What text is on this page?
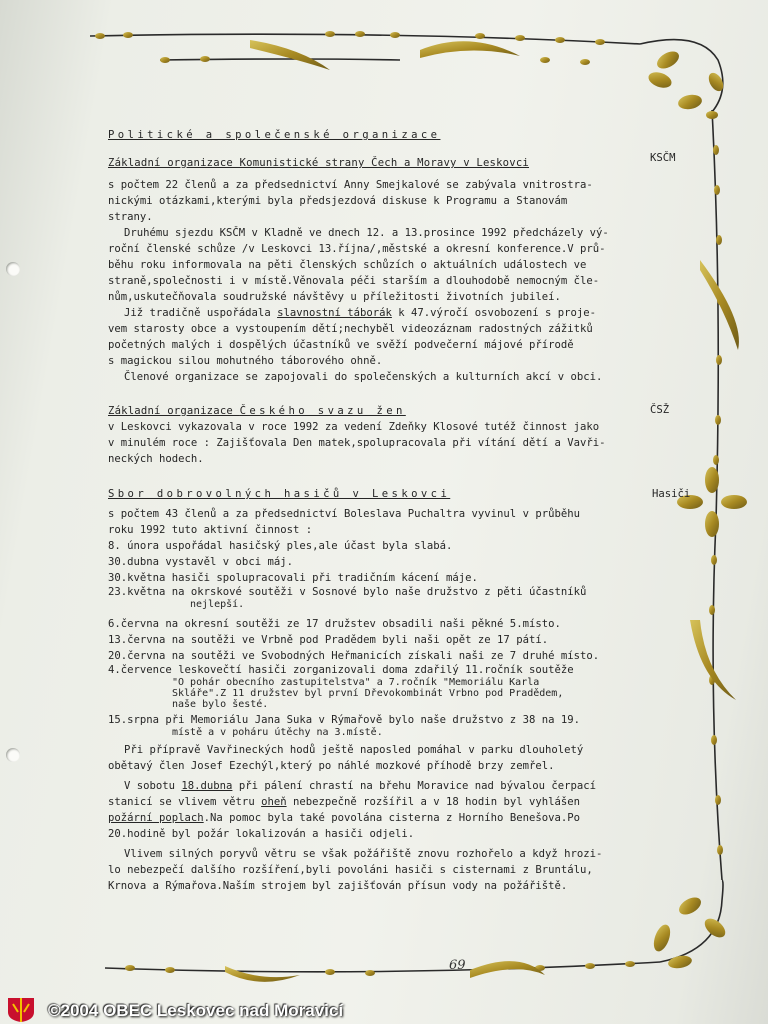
Politické a společenské organizace
KSČM
Základní organizace Komunistické strany Čech a Moravy v Leskovci
s počtem 22 členů a za předsednictví Anny Smejkalové se zabývala vnitrostra-
nickými otázkami,kterými byla předsjezdová diskuse k Programu a Stanovám
strany.
Druhému sjezdu KSČM v Kladně ve dnech 12. a 13.prosince 1992 předcházely vý-
roční členské schůze /v Leskovci 13.října/,městské a okresní konference.V prů-
běhu roku informovala na pěti členských schůzích o aktuálních událostech ve
straně,společnosti i v místě.Věnovala péči starším a dlouhodobě nemocným čle-
nům,uskutečňovala soudružské návštěvy u příležitosti životních jubileí.
Již tradičně uspořádala slavnostní táborák k 47.výročí osvobození s proje-
vem starosty obce a vystoupením dětí;nechyběl videozáznam radostných zážitků
početných malých i dospělých účastníků ve svěží podvečerní májové přírodě
s magickou silou mohutného táborového ohně.
Členové organizace se zapojovali do společenských a kulturních akcí v obci.
ČSŽ
Základní organizace Českého svazu žen
v Leskovci vykazovala v roce 1992 za vedení Zdeňky Klosové tutéž činnost jako
v minulém roce : Zajišťovala Den matek,spolupracovala při vítání dětí a Vavři-
neckých hodech.
Hasiči
Sbor dobrovolných hasičů v Leskovci
s počtem 43 členů a za předsednictví Boleslava Puchaltra vyvinul v průběhu
roku 1992 tuto aktivní činnost :
8. února uspořádal hasičský ples,ale účast byla slabá.
30.dubna vystavěl v obci máj.
30.května hasiči spolupracovali při tradičním kácení máje.
23.května na okrskové soutěži v Sosnové bylo naše družstvo z pěti účastníků
nejlepší.
6.června na okresní soutěži ze 17 družstev obsadili naši pěkné 5.místo.
13.června na soutěži ve Vrbně pod Pradědem byli naši opět ze 17 pátí.
20.června na soutěži ve Svobodných Heřmanicích získali naši ze 7 druhé místo.
4.července leskovečtí hasiči zorganizovali doma zdařilý 11.ročník soutěže
"O pohár obecního zastupitelstva" a 7.ročník "Memoriálu Karla
Skláře".Z 11 družstev byl první Dřevokombinát Vrbno pod Pradědem,
naše bylo šesté.
15.srpna při Memoriálu Jana Suka v Rýmařově bylo naše družstvo z 38 na 19.
místě a v poháru útěchy na 3.místě.
Při přípravě Vavřineckých hodů ještě naposled pomáhal v parku dlouholetý
obětavý člen Josef Ezechýl,který po náhlé mozkové příhodě brzy zemřel.
V sobotu 18.dubna při pálení chrastí na břehu Moravice nad bývalou čerpací
stanicí se vlivem větru oheň nebezpečně rozšířil a v 18 hodin byl vyhlášen
požární poplach.Na pomoc byla také povolána cisterna z Horního Benešova.Po
20.hodině byl požár lokalizován a hasiči odjeli.
Vlivem silných poryvů větru se však požářiště znovu rozhořelo a když hrozi-
lo nebezpečí dalšího rozšíření,byli povoláni hasiči s cisternami z Bruntálu,
Krnova a Rýmařova.Naším strojem byl zajišťován přísun vody na požářiště.
69
©2004 OBEC Leskovec nad Moravicí
